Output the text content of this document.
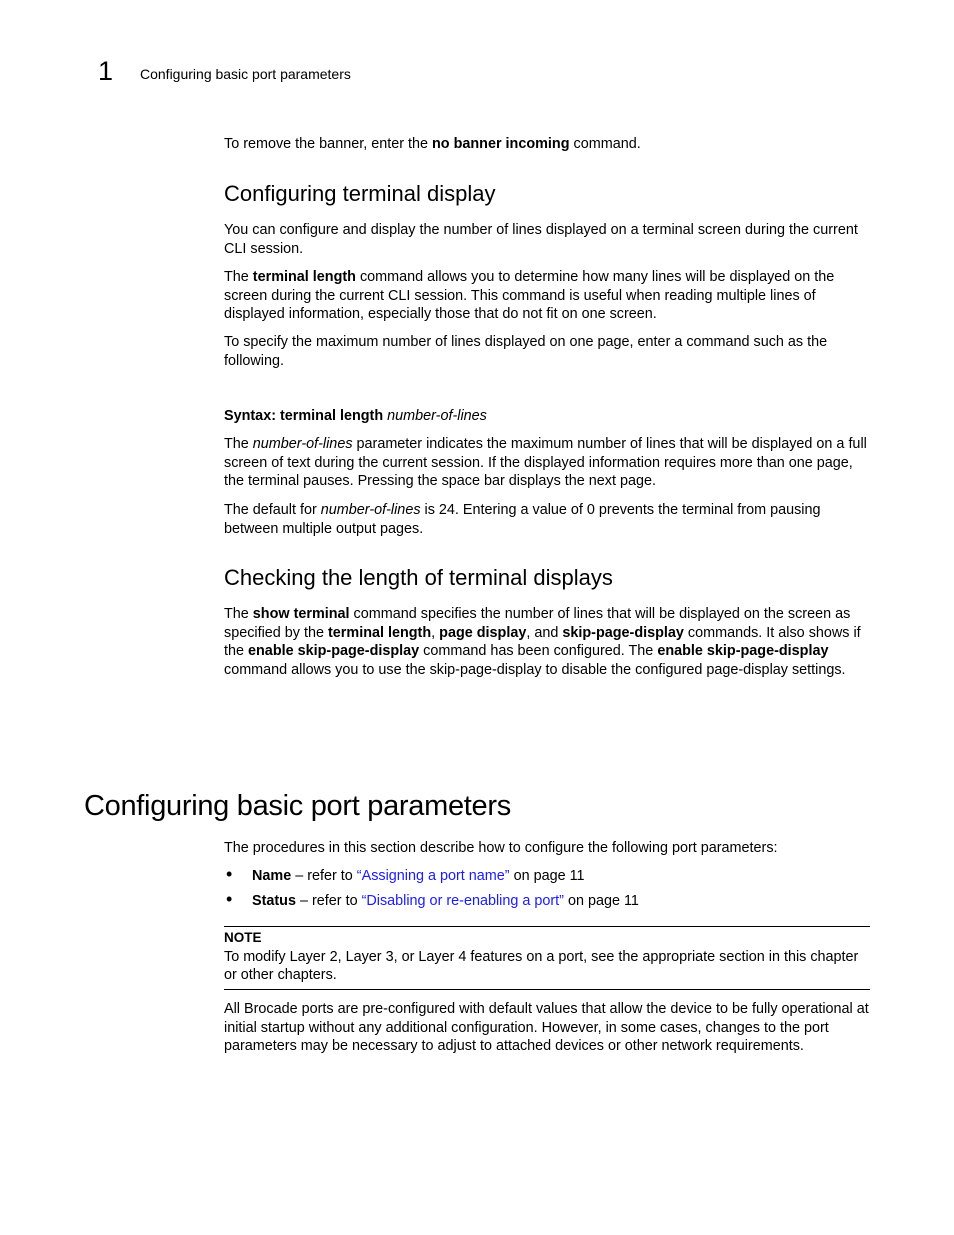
1 Configuring basic port parameters

To remove the banner, enter the no banner incoming command.

Configuring terminal display

You can configure and display the number of lines displayed on a terminal screen during the current CLI session.

The terminal length command allows you to determine how many lines will be displayed on the screen during the current CLI session. This command is useful when reading multiple lines of displayed information, especially those that do not fit on one screen.

To specify the maximum number of lines displayed on one page, enter a command such as the following.

Syntax: terminal length number-of-lines

The number-of-lines parameter indicates the maximum number of lines that will be displayed on a full screen of text during the current session. If the displayed information requires more than one page, the terminal pauses. Pressing the space bar displays the next page.

The default for number-of-lines is 24. Entering a value of 0 prevents the terminal from pausing between multiple output pages.

Checking the length of terminal displays

The show terminal command specifies the number of lines that will be displayed on the screen as specified by the terminal length, page display, and skip-page-display commands. It also shows if the enable skip-page-display command has been configured. The enable skip-page-display command allows you to use the skip-page-display to disable the configured page-display settings.

Configuring basic port parameters

The procedures in this section describe how to configure the following port parameters:

• Name – refer to “Assigning a port name” on page 11
• Status – refer to “Disabling or re-enabling a port” on page 11

NOTE

To modify Layer 2, Layer 3, or Layer 4 features on a port, see the appropriate section in this chapter or other chapters.

All Brocade ports are pre-configured with default values that allow the device to be fully operational at initial startup without any additional configuration. However, in some cases, changes to the port parameters may be necessary to adjust to attached devices or other network requirements.
